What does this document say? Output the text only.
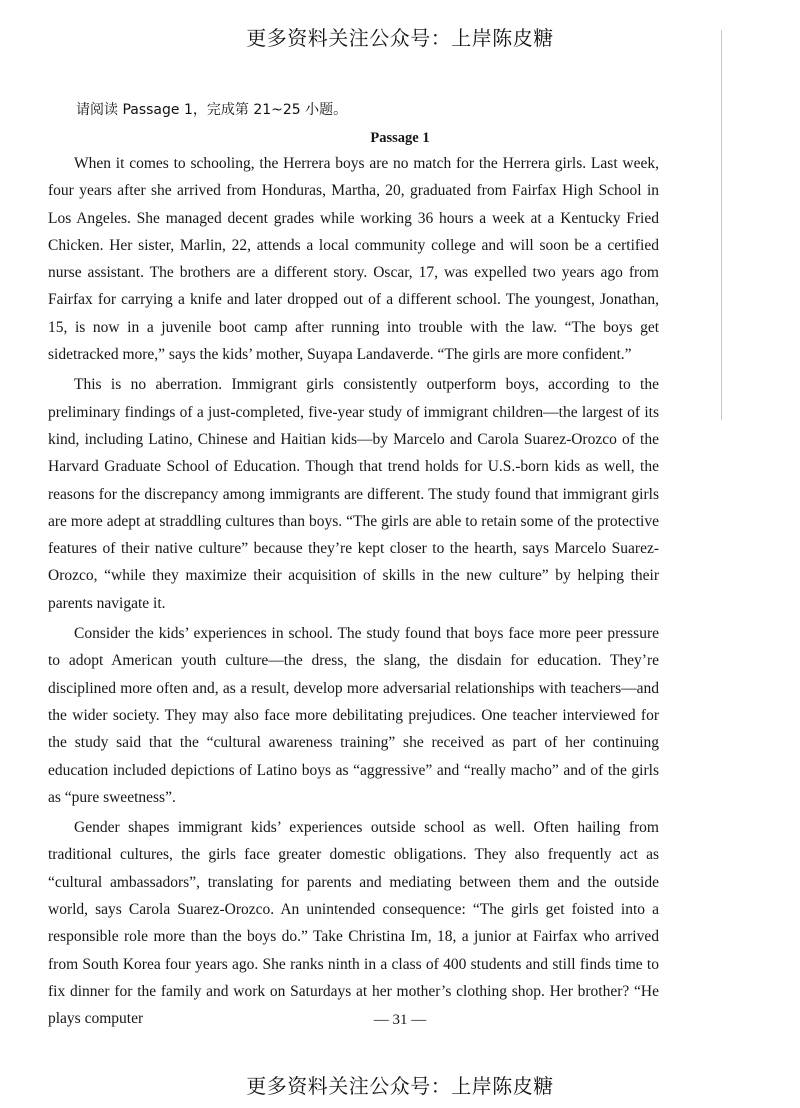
更多资料关注公众号：上岸陈皮糖
请阅读 Passage 1，完成第 21~25 小题。
Passage 1

When it comes to schooling, the Herrera boys are no match for the Herrera girls. Last week, four years after she arrived from Honduras, Martha, 20, graduated from Fairfax High School in Los Angeles. She managed decent grades while working 36 hours a week at a Kentucky Fried Chicken. Her sister, Marlin, 22, attends a local community college and will soon be a certified nurse assistant. The brothers are a different story. Oscar, 17, was expelled two years ago from Fairfax for carrying a knife and later dropped out of a different school. The youngest, Jonathan, 15, is now in a juvenile boot camp after running into trouble with the law. “The boys get sidetracked more,” says the kids’ mother, Suyapa Landaverde. “The girls are more confident.”

This is no aberration. Immigrant girls consistently outperform boys, according to the preliminary findings of a just-completed, five-year study of immigrant children—the largest of its kind, including Latino, Chinese and Haitian kids—by Marcelo and Carola Suarez-Orozco of the Harvard Graduate School of Education. Though that trend holds for U.S.-born kids as well, the reasons for the discrepancy among immigrants are different. The study found that immigrant girls are more adept at straddling cultures than boys. “The girls are able to retain some of the protective features of their native culture” because they’re kept closer to the hearth, says Marcelo Suarez-Orozco, “while they maximize their acquisition of skills in the new culture” by helping their parents navigate it.

Consider the kids’ experiences in school. The study found that boys face more peer pressure to adopt American youth culture—the dress, the slang, the disdain for education. They’re disciplined more often and, as a result, develop more adversarial relationships with teachers—and the wider society. They may also face more debilitating prejudices. One teacher interviewed for the study said that the “cultural awareness training” she received as part of her continuing education included depictions of Latino boys as “aggressive” and “really macho” and of the girls as “pure sweetness”.

Gender shapes immigrant kids’ experiences outside school as well. Often hailing from traditional cultures, the girls face greater domestic obligations. They also frequently act as “cultural ambassadors”, translating for parents and mediating between them and the outside world, says Carola Suarez-Orozco. An unintended consequence: “The girls get foisted into a responsible role more than the boys do.” Take Christina Im, 18, a junior at Fairfax who arrived from South Korea four years ago. She ranks ninth in a class of 400 students and still finds time to fix dinner for the family and work on Saturdays at her mother’s clothing shop. Her brother? “He plays computer	— 31 —
更多资料关注公众号：上岸陈皮糖
